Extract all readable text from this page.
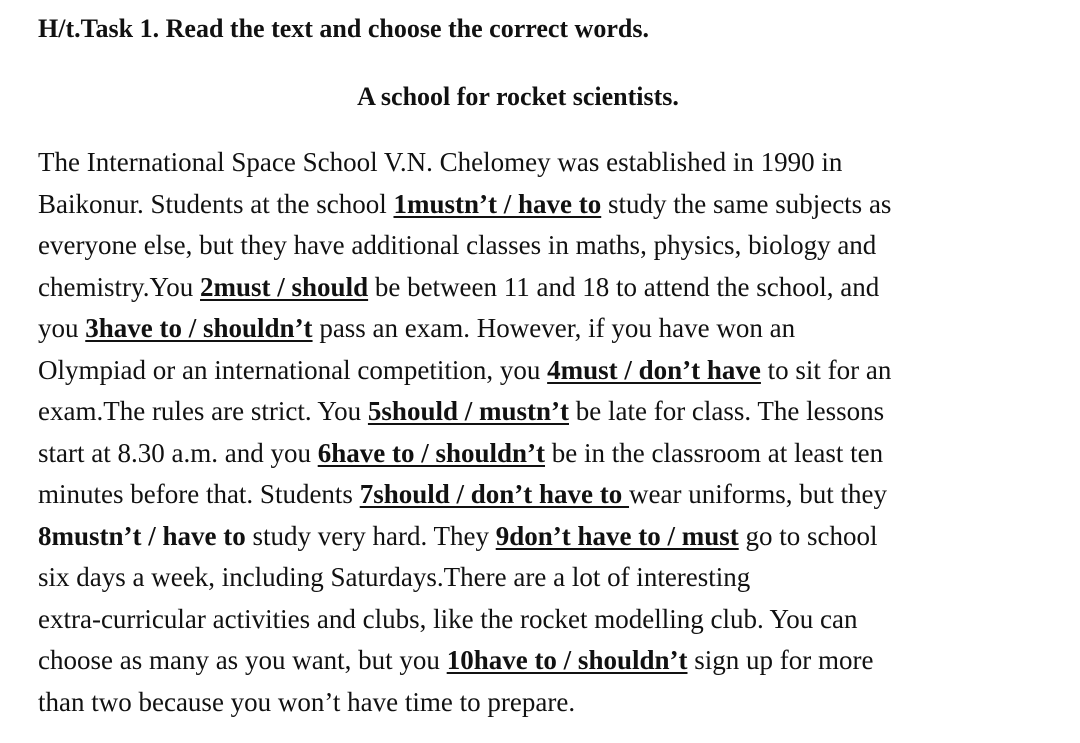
H/t.Task 1. Read the text and choose the correct words.
A school for rocket scientists.
The International Space School V.N. Chelomey was established in 1990 in
Baikonur. Students at the school 1mustn’t / have to study the same subjects as
everyone else, but they have additional classes in maths, physics, biology and
chemistry.You 2must / should be between 11 and 18 to attend the school, and
you 3have to / shouldn’t pass an exam. However, if you have won an
Olympiad or an international competition, you 4must / don’t have to sit for an
exam.The rules are strict. You 5should / mustn’t be late for class. The lessons
start at 8.30 a.m. and you 6have to / shouldn’t be in the classroom at least ten
minutes before that. Students 7should / don’t have to wear uniforms, but they
8mustn’t / have to study very hard. They 9don’t have to / must go to school
six days a week, including Saturdays.There are a lot of interesting
extra-curricular activities and clubs, like the rocket modelling club. You can
choose as many as you want, but you 10have to / shouldn’t sign up for more
than two because you won’t have time to prepare.
